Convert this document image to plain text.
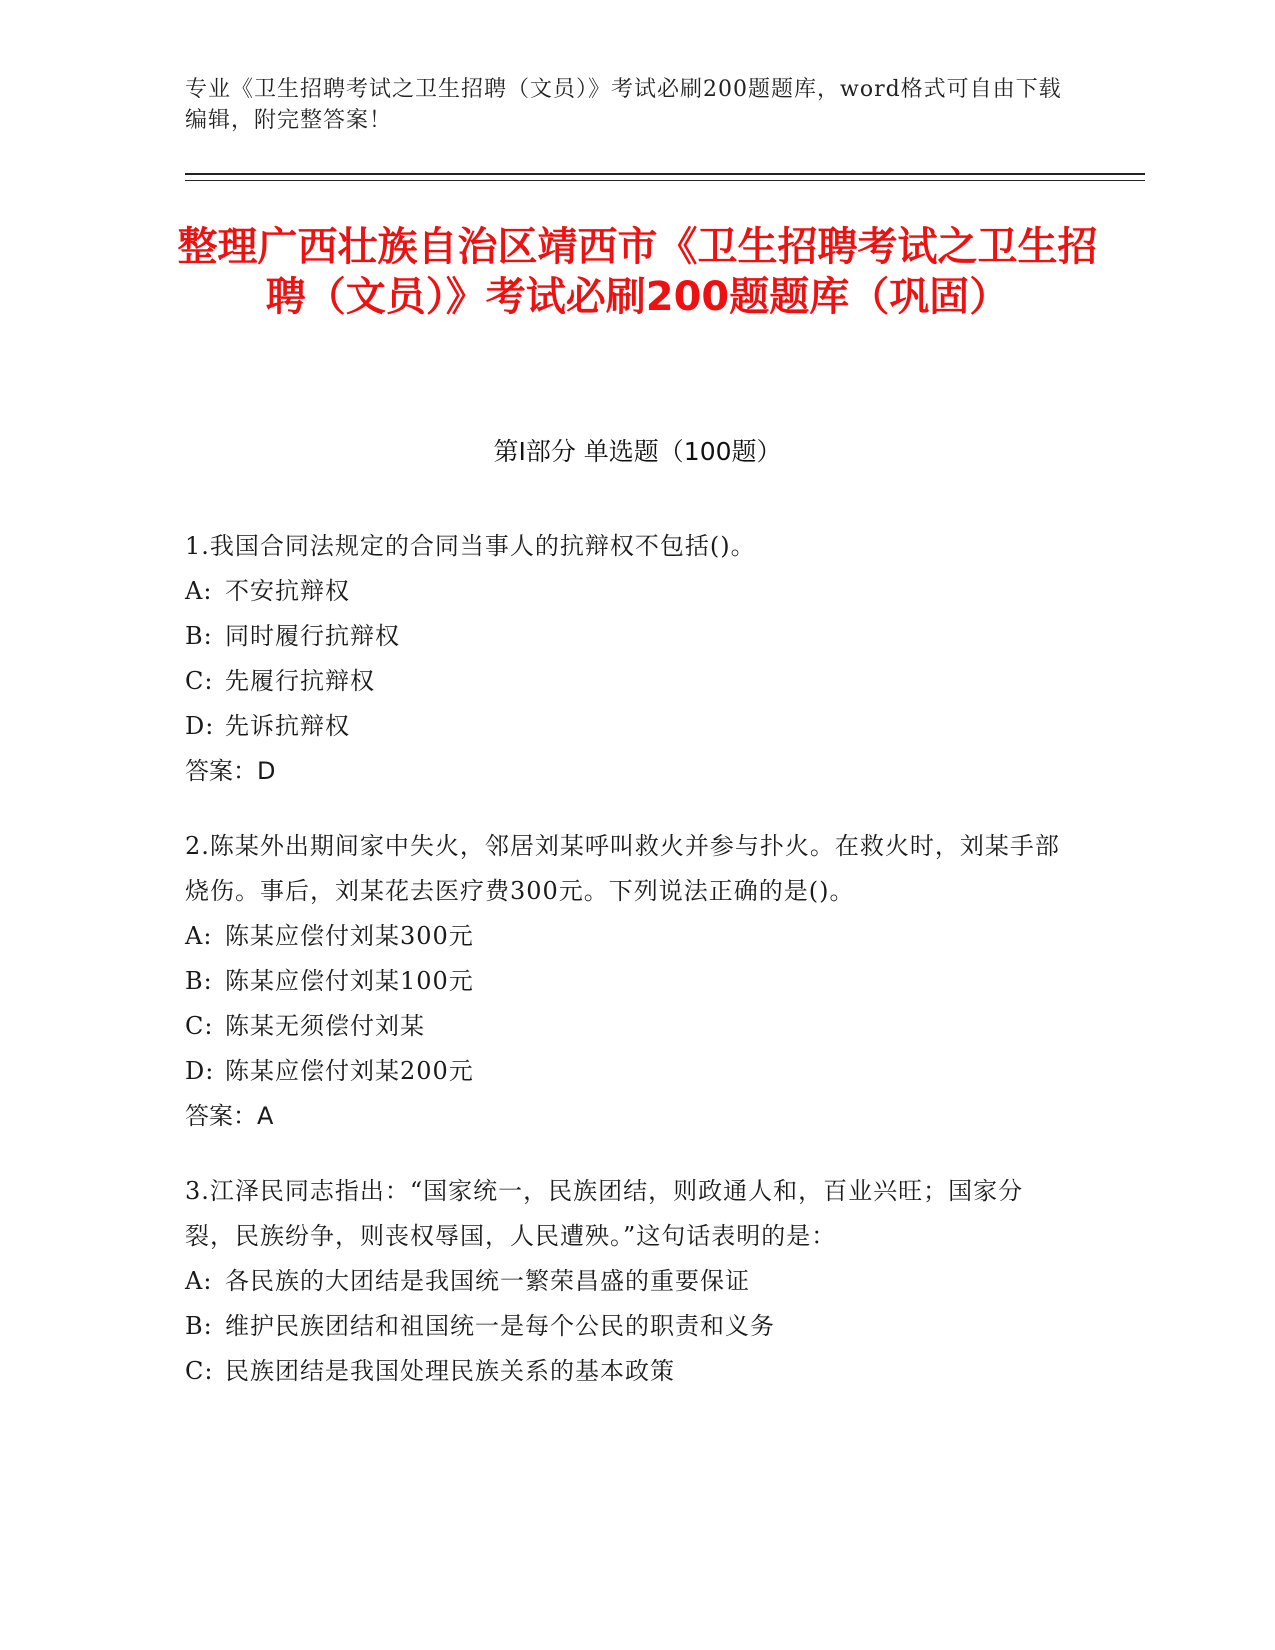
专业《卫生招聘考试之卫生招聘（文员）》考试必刷200题题库，word格式可自由下载编辑，附完整答案！
整理广西壮族自治区靖西市《卫生招聘考试之卫生招聘（文员）》考试必刷200题题库（巩固）
第Ⅰ部分 单选题（100题）
1.我国合同法规定的合同当事人的抗辩权不包括()。
A: 不安抗辩权
B: 同时履行抗辩权
C: 先履行抗辩权
D: 先诉抗辩权
答案：D
2.陈某外出期间家中失火，邻居刘某呼叫救火并参与扑火。在救火时，刘某手部烧伤。事后，刘某花去医疗费300元。下列说法正确的是()。
A: 陈某应偿付刘某300元
B: 陈某应偿付刘某100元
C: 陈某无须偿付刘某
D: 陈某应偿付刘某200元
答案：A
3.江泽民同志指出：“国家统一，民族团结，则政通人和，百业兴旺；国家分裂，民族纷争，则丧权辱国，人民遭殃。”这句话表明的是：
A: 各民族的大团结是我国统一繁荣昌盛的重要保证
B: 维护民族团结和祖国统一是每个公民的职责和义务
C: 民族团结是我国处理民族关系的基本政策
